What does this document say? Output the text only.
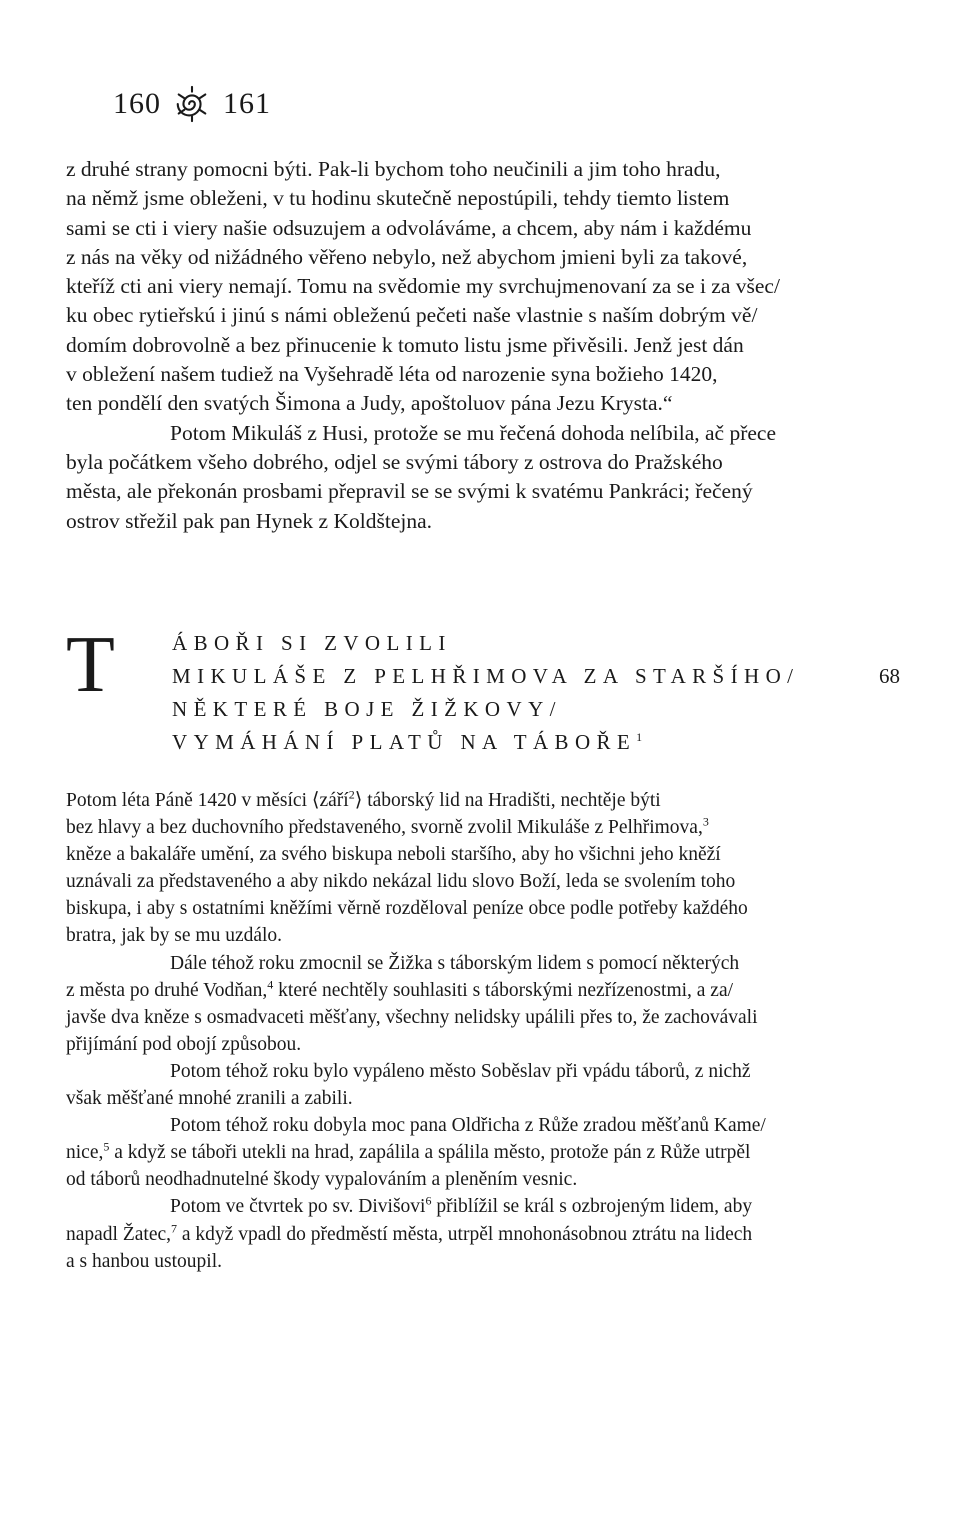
160 161
z druhé strany pomocni býti. Pak-li bychom toho neučinili a jim toho hradu,
na němž jsme obleženi, v tu hodinu skutečně nepostúpili, tehdy tiemto listem
sami se cti i viery našie odsuzujem a odvoláváme, a chcem, aby nám i každému
z nás na věky od nižádného věřeno nebylo, než abychom jmieni byli za takové,
kteříž cti ani viery nemají. Tomu na svědomie my svrchujmenovaní za se i za všec/
ku obec rytieřskú i jinú s námi obleženú pečeti naše vlastnie s naším dobrým vě/
domím dobrovolně a bez přinucenie k tomuto listu jsme přivěsili. Jenž jest dán
v obležení našem tudiež na Vyšehradě léta od narozenie syna božieho 1420,
ten pondělí den svatých Šimona a Judy, apoštoluov pána Jezu Krysta.“
Potom Mikuláš z Husi, protože se mu řečená dohoda nelíbila, ač přece
byla počátkem všeho dobrého, odjel se svými tábory z ostrova do Pražského
města, ale překonán prosbami přepravil se se svými k svatému Pankráci; řečený
ostrov střežil pak pan Hynek z Koldštejna.
T	ÁBOŘI SI ZVOLILI
MIKULÁŠE Z PELHŘIMOVA ZA STARŠÍHO/
NĚKTERÉ BOJE ŽIŽKOVY/
VYMÁHÁNÍ PLATŮ NA TÁBOŘE$^1$
68
Potom léta Páně 1420 v měsíci ⟨září$^2$⟩ táborský lid na Hradišti, nechtěje býti
bez hlavy a bez duchovního představeného, svorně zvolil Mikuláše z Pelhřimova,$^3$
kněze a bakaláře umění, za svého biskupa neboli staršího, aby ho všichni jeho kněží
uznávali za představeného a aby nikdo nekázal lidu slovo Boží, leda se svolením toho
biskupa, i aby s ostatními kněžími věrně rozděloval peníze obce podle potřeby každého
bratra, jak by se mu uzdálo.
Dále téhož roku zmocnil se Žižka s táborským lidem s pomocí některých
z města po druhé Vodňan,$^4$ které nechtěly souhlasiti s táborskými nezřízenostmi, a za/
javše dva kněze s osmadvaceti měšťany, všechny nelidsky upálili přes to, že zachovávali
přijímání pod obojí způsobou.
Potom téhož roku bylo vypáleno město Soběslav při vpádu táborů, z nichž
však měšťané mnohé zranili a zabili.
Potom téhož roku dobyla moc pana Oldřicha z Růže zradou měšťanů Kame/
nice,$^5$ a když se tábořі utekli na hrad, zapálila a spálila město, protože pán z Růže utrpěl
od táborů neodhadnutelné škody vypalováním a pleněním vesnic.
Potom ve čtvrtek po sv. Divišovi$^6$ přiblížil se král s ozbrojeným lidem, aby
napadl Žatec,$^7$ a když vpadl do předměstí města, utrpěl mnohonásobnou ztrátu na lidech
a s hanbou ustoupil.
